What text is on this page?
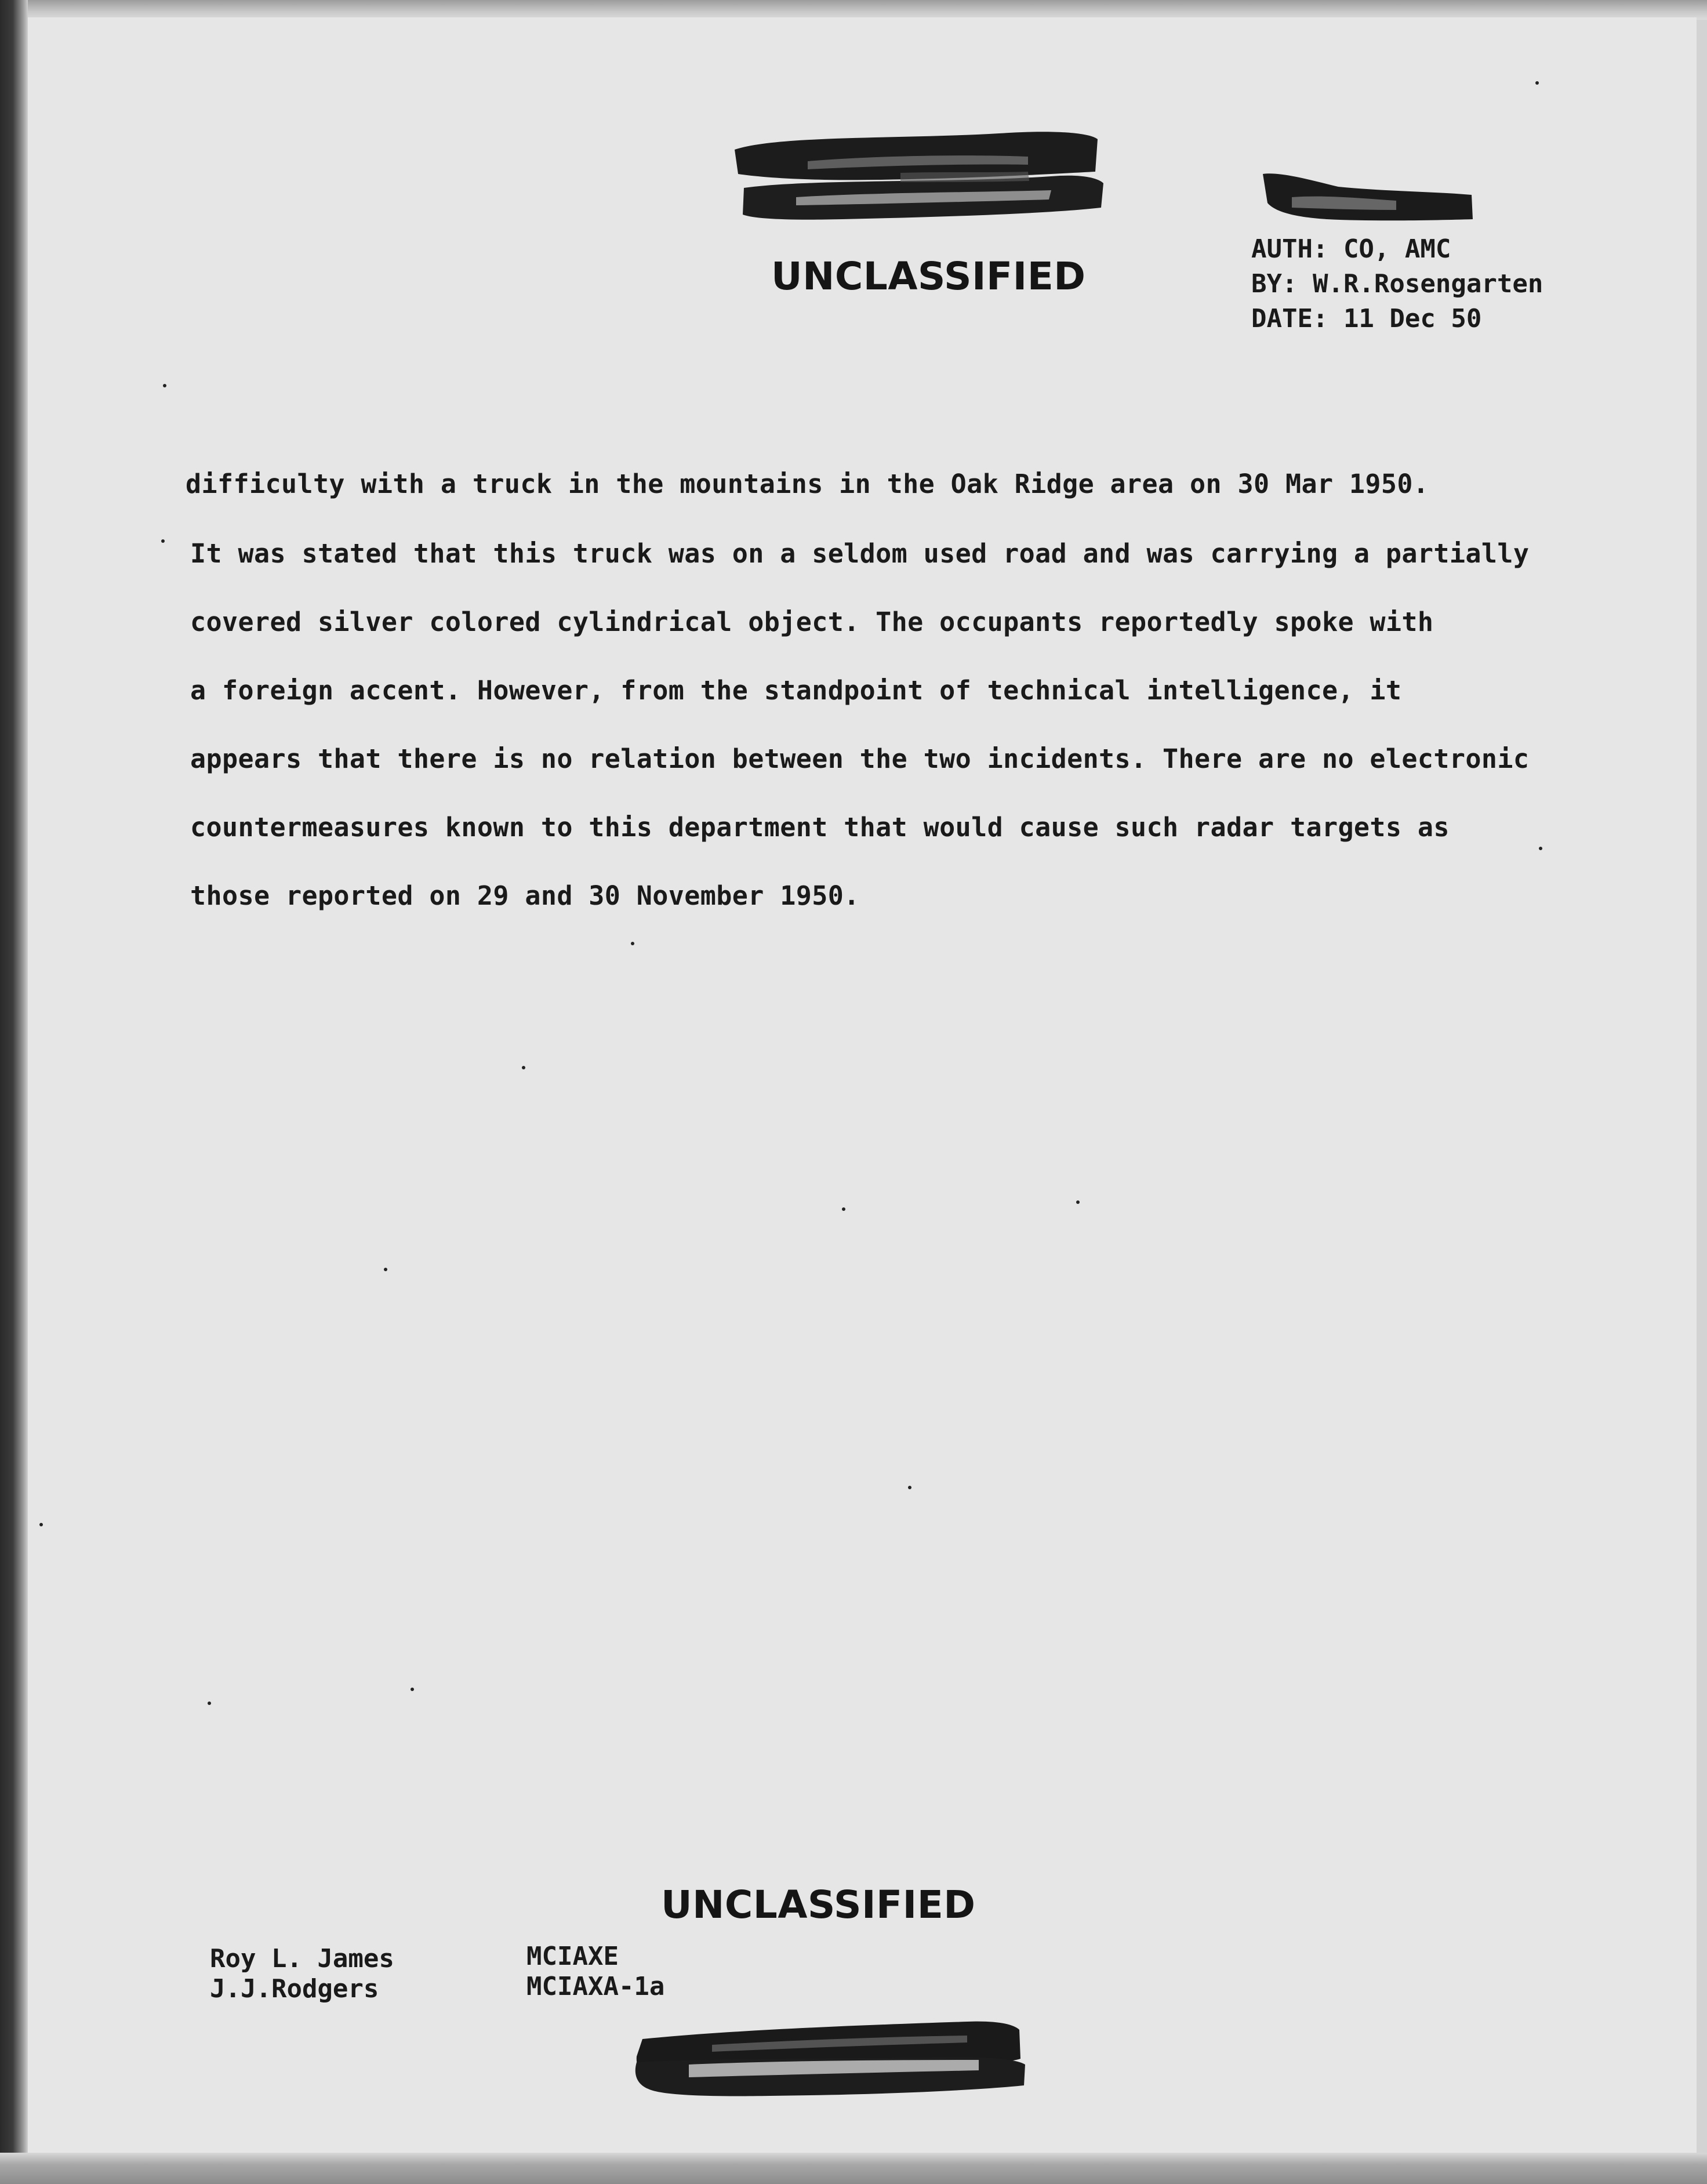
UNCLASSIFIED
AUTH: CO, AMC
BY: W.R.Rosengarten
DATE: 11 Dec 50
difficulty with a truck in the mountains in the Oak Ridge area on 30 Mar 1950.
It was stated that this truck was on a seldom used road and was carrying a partially
covered silver colored cylindrical object. The occupants reportedly spoke with
a foreign accent. However, from the standpoint of technical intelligence, it
appears that there is no relation between the two incidents. There are no electronic
countermeasures known to this department that would cause such radar targets as
those reported on 29 and 30 November 1950.
UNCLASSIFIED
Roy L. James
J.J.Rodgers
MCIAXE
MCIAXA-1a
